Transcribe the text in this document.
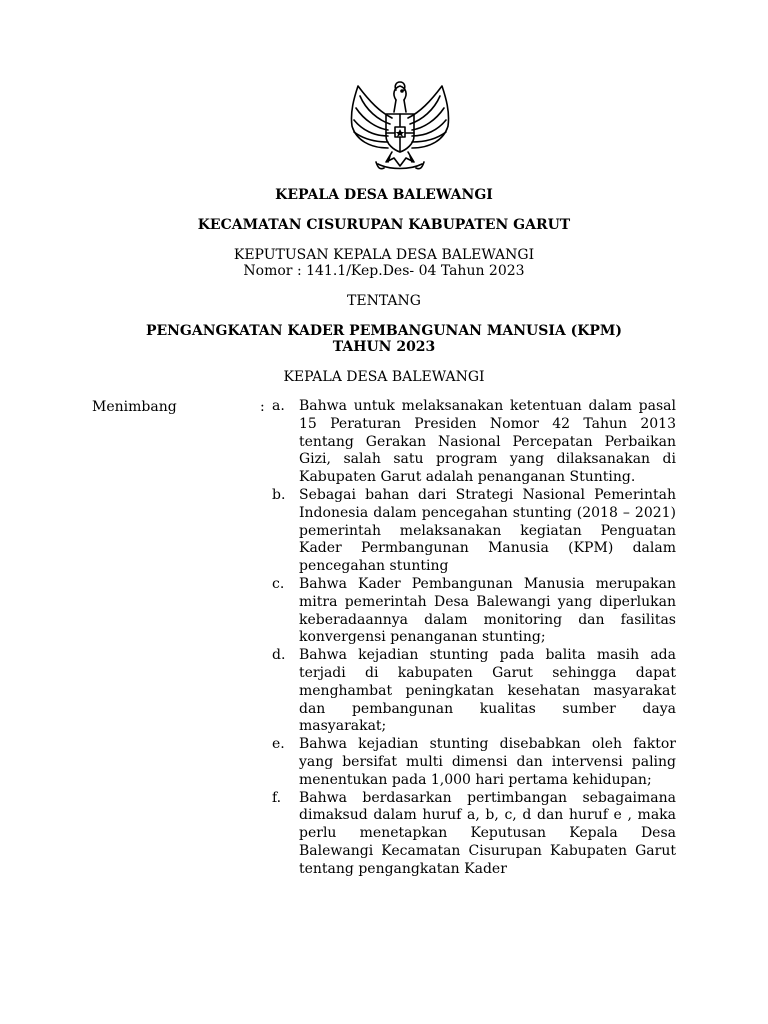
KEPALA DESA BALEWANGI
KECAMATAN CISURUPAN KABUPATEN GARUT
KEPUTUSAN KEPALA DESA BALEWANGI
Nomor : 141.1/Kep.Des- 04 Tahun 2023
TENTANG
PENGANGKATAN KADER PEMBANGUNAN MANUSIA (KPM)
TAHUN 2023
KEPALA DESA BALEWANGI
Menimbang	: a. Bahwa untuk melaksanakan ketentuan dalam pasal 15 Peraturan Presiden Nomor 42 Tahun 2013 tentang Gerakan Nasional Percepatan Perbaikan Gizi, salah satu program yang dilaksanakan di Kabupaten Garut adalah penanganan Stunting.

b. Sebagai bahan dari Strategi Nasional Pemerintah Indonesia dalam pencegahan stunting (2018 – 2021) pemerintah melaksanakan kegiatan Penguatan Kader Permbangunan Manusia (KPM) dalam pencegahan stunting

c. Bahwa Kader Pembangunan Manusia merupakan mitra pemerintah Desa Balewangi yang diperlukan keberadaannya dalam monitoring dan fasilitas konvergensi penanganan stunting;

d. Bahwa kejadian stunting pada balita masih ada terjadi di kabupaten Garut sehingga dapat menghambat peningkatan kesehatan masyarakat dan pembangunan kualitas sumber daya masyarakat;

e. Bahwa kejadian stunting disebabkan oleh faktor yang bersifat multi dimensi dan intervensi paling menentukan pada 1,000 hari pertama kehidupan;

f. Bahwa berdasarkan pertimbangan sebagaimana dimaksud dalam huruf a, b, c, d dan huruf e , maka perlu menetapkan Keputusan Kepala Desa Balewangi Kecamatan Cisurupan Kabupaten Garut tentang pengangkatan Kader
